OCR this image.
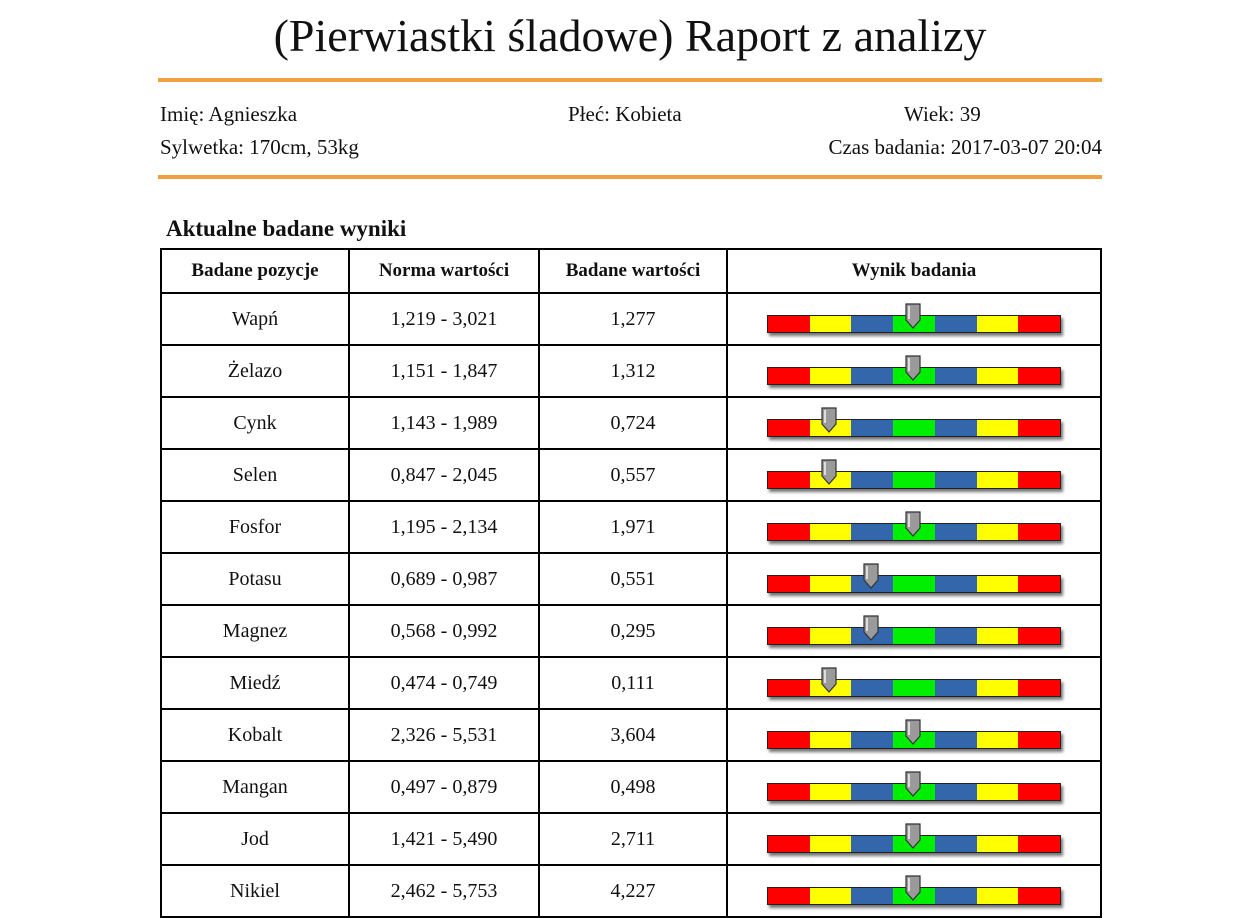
(Pierwiastki śladowe) Raport z analizy
Imię: Agnieszka	Płeć: Kobieta	Wiek: 39
Sylwetka: 170cm, 53kg	Czas badania: 2017-03-07 20:04
Aktualne badane wyniki
Badane pozycje	Norma wartości	Badane wartości	Wynik badania
Wapń	1,219 - 3,021	1,277	

Żelazo	1,151 - 1,847	1,312	

Cynk	1,143 - 1,989	0,724	

Selen	0,847 - 2,045	0,557	

Fosfor	1,195 - 2,134	1,971	

Potasu	0,689 - 0,987	0,551	

Magnez	0,568 - 0,992	0,295	

Miedź	0,474 - 0,749	0,111	

Kobalt	2,326 - 5,531	3,604	

Mangan	0,497 - 0,879	0,498	

Jod	1,421 - 5,490	2,711	

Nikiel	2,462 - 5,753	4,227	
